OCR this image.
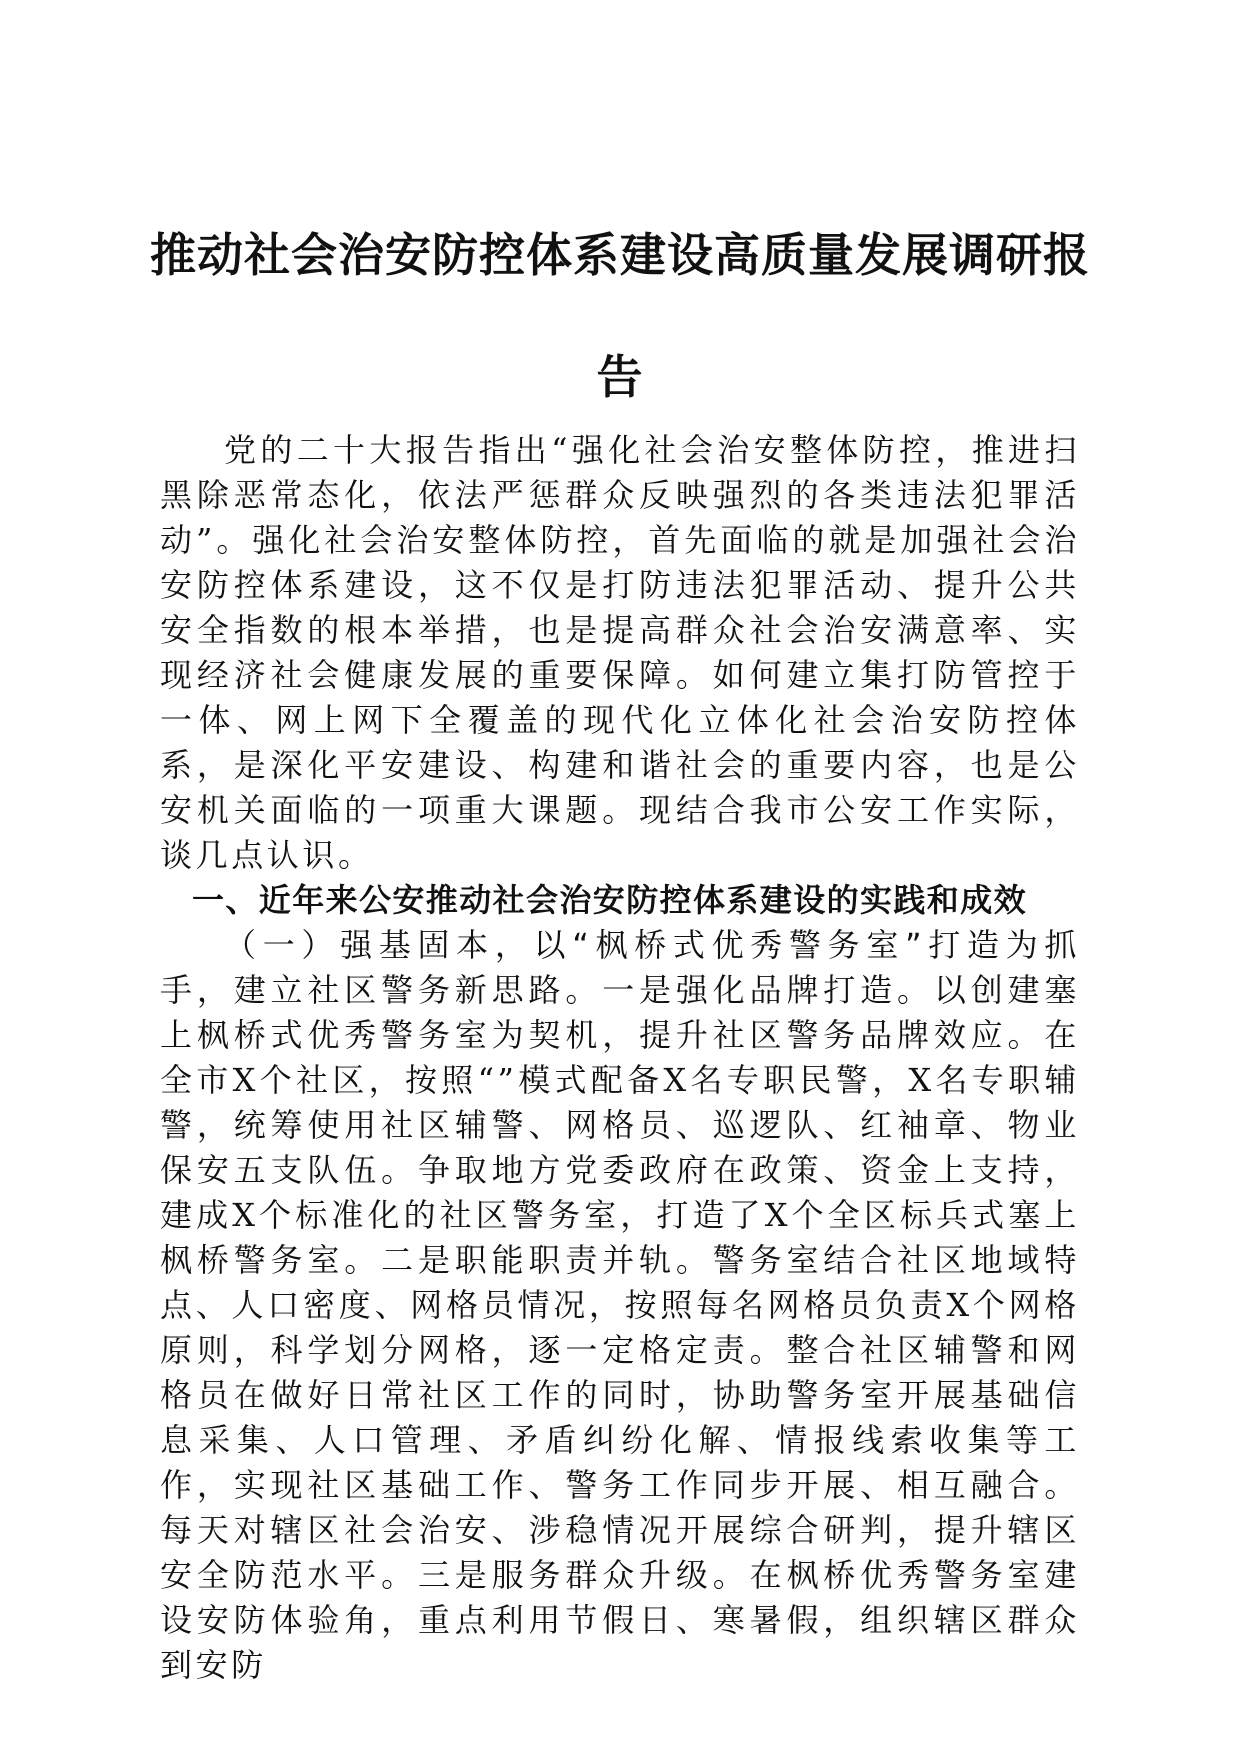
推动社会治安防控体系建设高质量发展调研报
告

党的二十大报告指出“强化社会治安整体防控，推进扫黑除恶常态化，依法严惩群众反映强烈的各类违法犯罪活动”。强化社会治安整体防控，首先面临的就是加强社会治安防控体系建设，这不仅是打防违法犯罪活动、提升公共安全指数的根本举措，也是提高群众社会治安满意率、实现经济社会健康发展的重要保障。如何建立集打防管控于一体、网上网下全覆盖的现代化立体化社会治安防控体系，是深化平安建设、构建和谐社会的重要内容，也是公安机关面临的一项重大课题。现结合我市公安工作实际，谈几点认识。

一、近年来公安推动社会治安防控体系建设的实践和成效

（一）强基固本，以“枫桥式优秀警务室”打造为抓手，建立社区警务新思路。一是强化品牌打造。以创建塞上枫桥式优秀警务室为契机，提升社区警务品牌效应。在全市X个社区，按照“”模式配备X名专职民警，X名专职辅警，统筹使用社区辅警、网格员、巡逻队、红袖章、物业保安五支队伍。争取地方党委政府在政策、资金上支持，建成X个标准化的社区警务室，打造了X个全区标兵式塞上枫桥警务室。二是职能职责并轨。警务室结合社区地域特点、人口密度、网格员情况，按照每名网格员负责X个网格原则，科学划分网格，逐一定格定责。整合社区辅警和网格员在做好日常社区工作的同时，协助警务室开展基础信息采集、人口管理、矛盾纠纷化解、情报线索收集等工作，实现社区基础工作、警务工作同步开展、相互融合。每天对辖区社会治安、涉稳情况开展综合研判，提升辖区安全防范水平。三是服务群众升级。在枫桥优秀警务室建设安防体验角，重点利用节假日、寒暑假，组织辖区群众到安防
